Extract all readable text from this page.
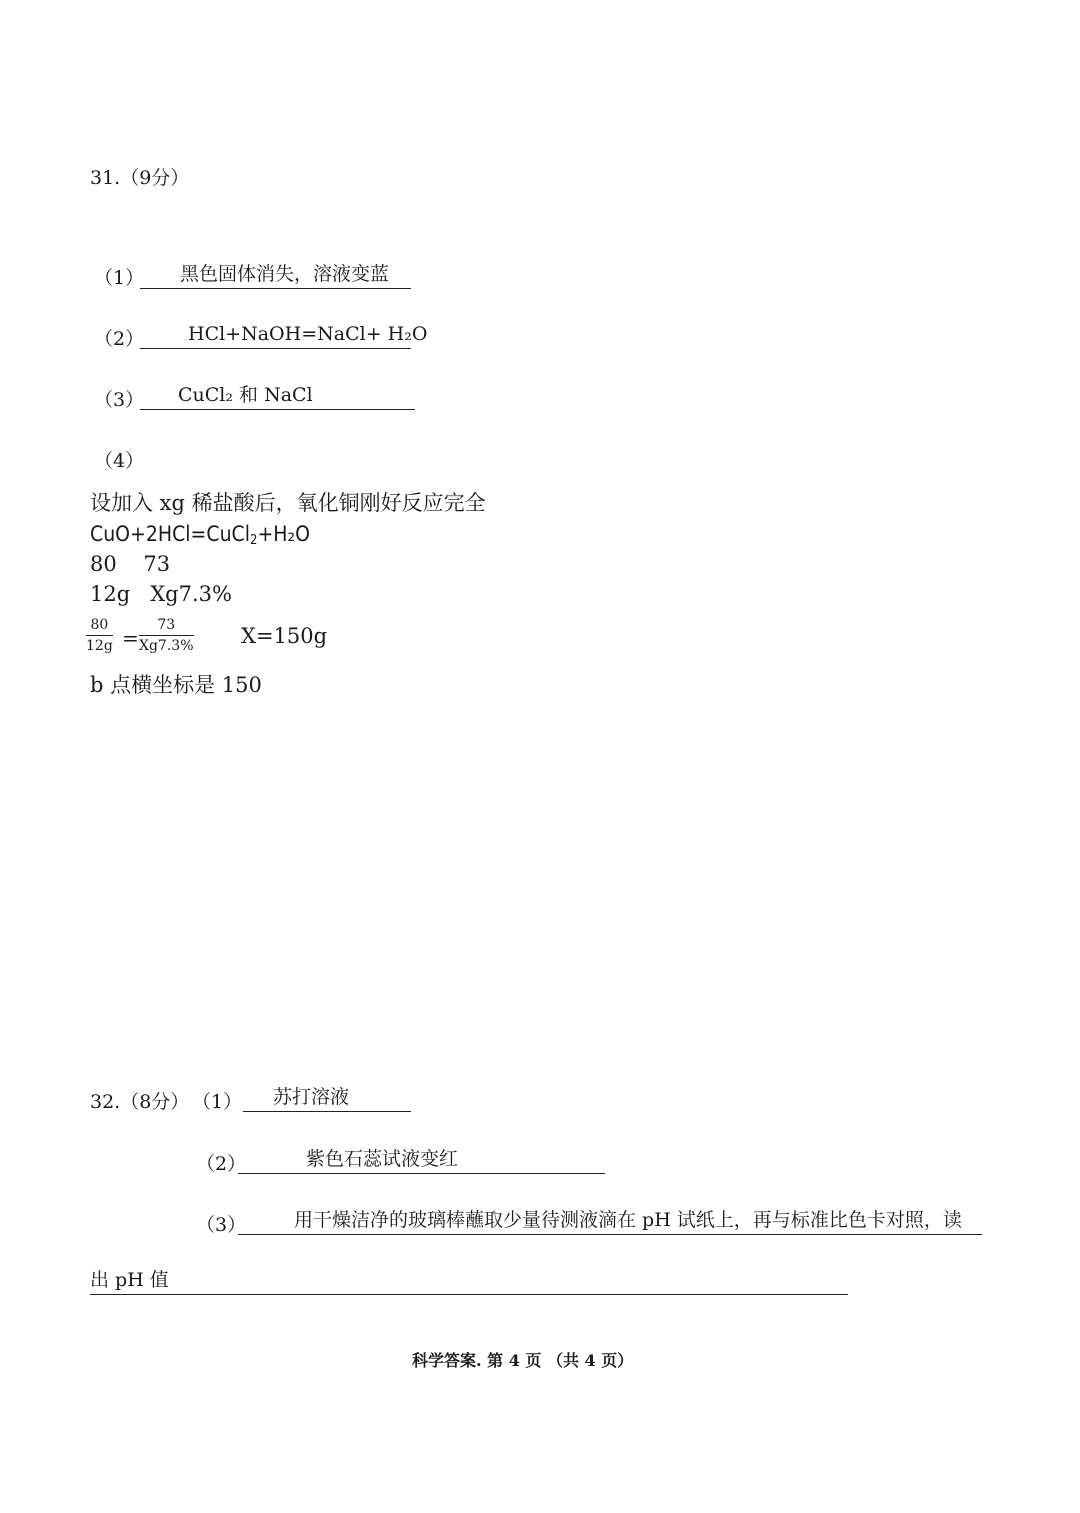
31.（9分）
（1） 黑色固体消失，溶液变蓝
（2） HCl+NaOH=NaCl+ H₂O
（3） CuCl₂ 和 NaCl
（4）
设加入 xg 稀盐酸后，氧化铜刚好反应完全
CuO+2HCl=CuCl$_2$+H₂O
80    73
12g   Xg7.3%
$\frac{80}{12g} = \frac{73}{Xg7.3\%} X=150g$
b 点横坐标是 150
32.（8分） （1） 苏打溶液
（2）	紫色石蕊试液变红
（3）	用干燥洁净的玻璃棒蘸取少量待测液滴在 pH 试纸上，再与标准比色卡对照，读
出 pH 值
科学答案. 第 4 页 （共 4 页）
